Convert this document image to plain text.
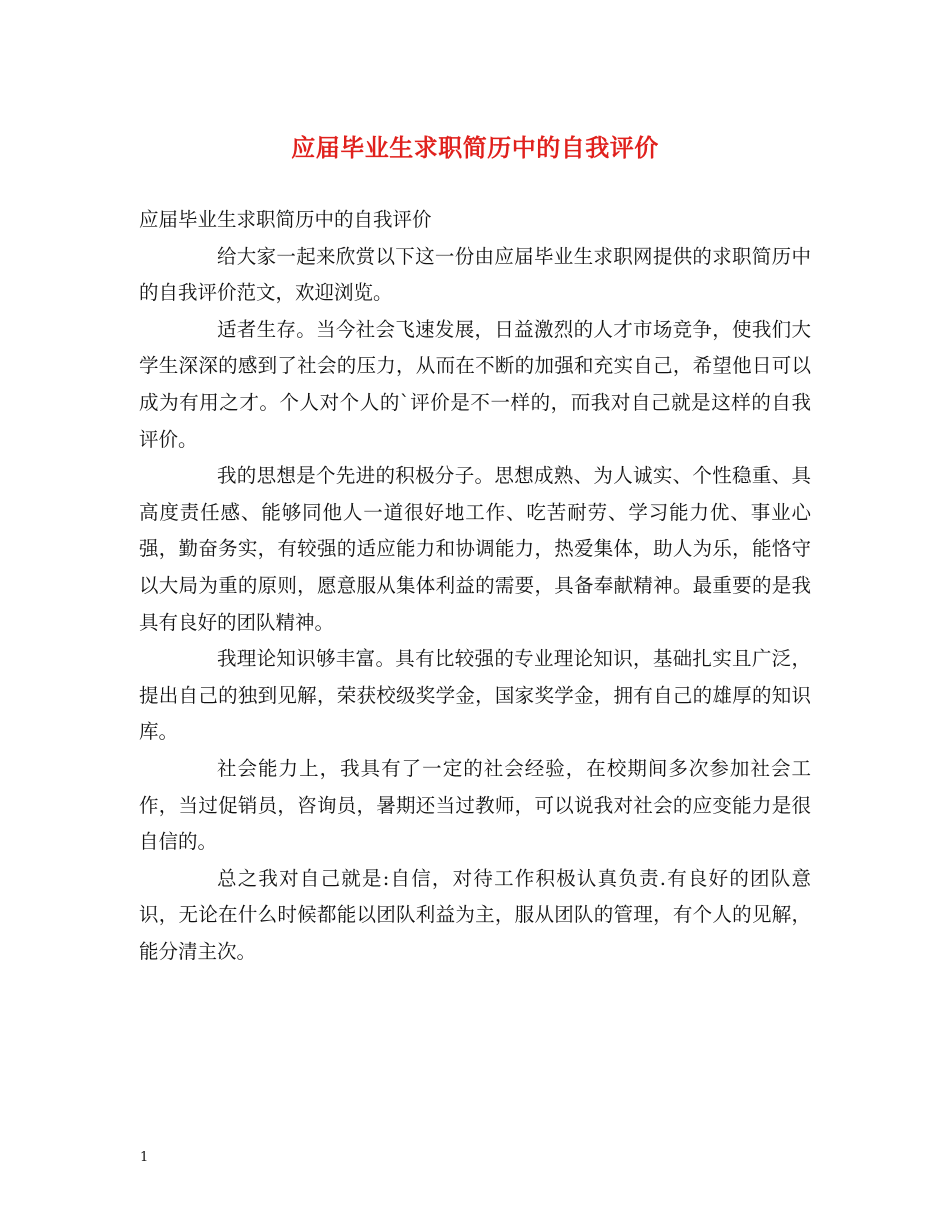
应届毕业生求职简历中的自我评价

应届毕业生求职简历中的自我评价

给大家一起来欣赏以下这一份由应届毕业生求职网提供的求职简历中的自我评价范文，欢迎浏览。

适者生存。当今社会飞速发展，日益激烈的人才市场竞争，使我们大学生深深的感到了社会的压力，从而在不断的加强和充实自己，希望他日可以成为有用之才。个人对个人的`评价是不一样的，而我对自己就是这样的自我评价。

我的思想是个先进的积极分子。思想成熟、为人诚实、个性稳重、具高度责任感、能够同他人一道很好地工作、吃苦耐劳、学习能力优、事业心强，勤奋务实，有较强的适应能力和协调能力，热爱集体，助人为乐，能恪守以大局为重的原则，愿意服从集体利益的需要，具备奉献精神。最重要的是我具有良好的团队精神。

我理论知识够丰富。具有比较强的专业理论知识，基础扎实且广泛，提出自己的独到见解，荣获校级奖学金，国家奖学金，拥有自己的雄厚的知识库。

社会能力上，我具有了一定的社会经验，在校期间多次参加社会工作，当过促销员，咨询员，暑期还当过教师，可以说我对社会的应变能力是很自信的。

总之我对自己就是:自信，对待工作积极认真负责.有良好的团队意识，无论在什么时候都能以团队利益为主，服从团队的管理，有个人的见解，能分清主次。

1
